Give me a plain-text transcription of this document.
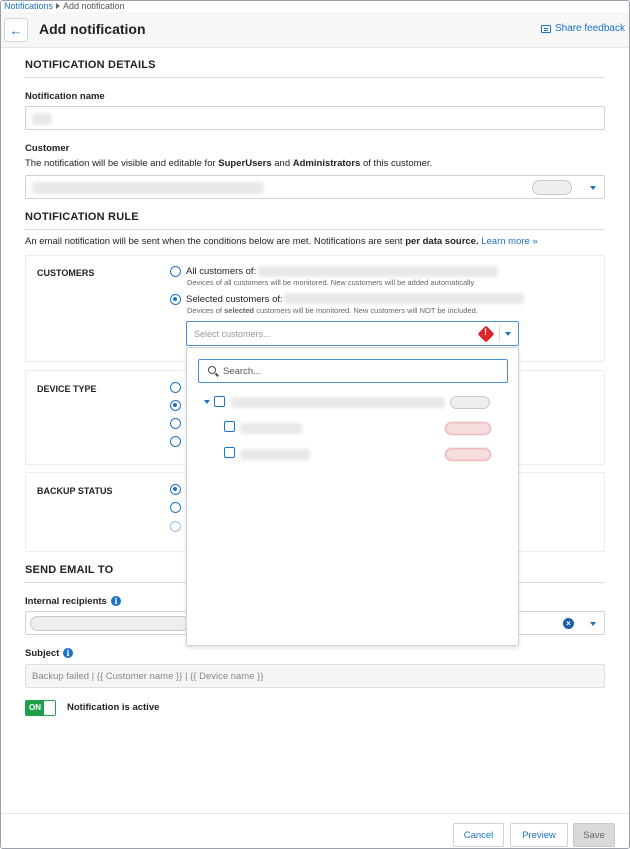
Notifications Add notification
← Add notification	Share feedback
NOTIFICATION DETAILS
Notification name
Customer
The notification will be visible and editable for SuperUsers and Administrators of this customer.
NOTIFICATION RULE
An email notification will be sent when the conditions below are met. Notifications are sent per data source. Learn more »
CUSTOMERS	All customers of:
Devices of all customers will be monitored. New customers will be added automatically
Selected customers of:
Devices of selected customers will be monitored. New customers will NOT be included.
DEVICE TYPE
BACKUP STATUS
SEND EMAIL TO
Internal recipients i
×
Subject i
Backup failed | {{ Customer name }} | {{ Device name }}
ON	Notification is active
Select customers...	!
Search...
Cancel	Preview	Save
